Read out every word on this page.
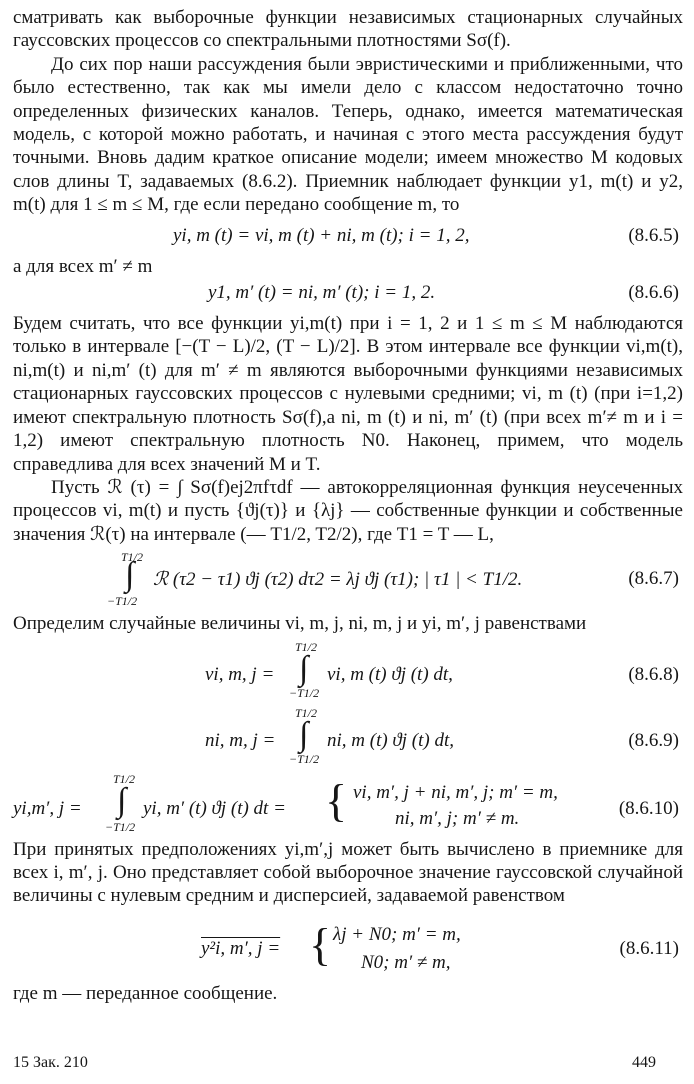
сматривать как выборочные функции независимых стационарных случайных гауссовских процессов со спектральными плотностями Sσ(f).

До сих пор наши рассуждения были эвристическими и приближенными, что было естественно, так как мы имели дело с классом недостаточно точно определенных физических каналов. Теперь, однако, имеется математическая модель, с которой можно работать, и начиная с этого места рассуждения будут точными. Вновь дадим краткое описание модели; имеем множество M кодовых слов длины T, задаваемых (8.6.2). Приемник наблюдает функции y1, m(t) и y2, m(t) для 1 ≤ m ≤ M, где если передано сообщение m, то

yi, m (t) = vi, m (t) + ni, m (t); i = 1, 2,	(8.6.5)

а для всех m′ ≠ m

y1, m′ (t) = ni, m′ (t); i = 1, 2.	(8.6.6)

Будем считать, что все функции yi,m(t) при i = 1, 2 и 1 ≤ m ≤ M наблюдаются только в интервале [−(T − L)/2, (T − L)/2]. В этом интервале все функции vi,m(t), ni,m(t) и ni,m′ (t) для m′ ≠ m являются выборочными функциями независимых стационарных гауссовских процессов с нулевыми средними; vi, m (t) (при i=1,2) имеют спектральную плотность Sσ(f),а ni, m (t) и ni, m′ (t) (при всех m′≠ m и i = 1,2) имеют спектральную плотность N0. Наконец, примем, что модель справедлива для всех значений M и T.

Пусть ℛ (τ) = ∫ Sσ(f)ej2πfτdf — автокорреляционная функция неусеченных процессов vi, m(t) и пусть {ϑj(τ)} и {λj} — собственные функции и собственные значения ℛ(τ) на интервале (— T1/2, T2/2), где T1 = T — L,

T1/2
∫
−T1/2
ℛ (τ2 − τ1) ϑj (τ2) dτ2 = λj ϑj (τ1); | τ1 | < T1/2.	(8.6.7)

Определим случайные величины vi, m, j, ni, m, j и yi, m′, j равенствами

vi, m, j =
T1/2
∫
−T1/2
vi, m (t) ϑj (t) dt,	(8.6.8)
ni, m, j =
T1/2
∫
−T1/2
ni, m (t) ϑj (t) dt,	(8.6.9)
yi,m′, j =
T1/2
∫
−T1/2
yi, m′ (t) ϑj (t) dt = { vi, m′, j + ni, m′, j; m′ = m,
ni, m′, j; m′ ≠ m.	(8.6.10)

При принятых предположениях yi,m′,j может быть вычислено в приемнике для всех i, m′, j. Оно представляет собой выборочное значение гауссовской случайной величины с нулевым средним и дисперсией, задаваемой равенством

y²i, m′, j = { λj + N0; m′ = m,
N0; m′ ≠ m,
(8.6.11)

где m — переданное сообщение.

15 Зак. 210	449
